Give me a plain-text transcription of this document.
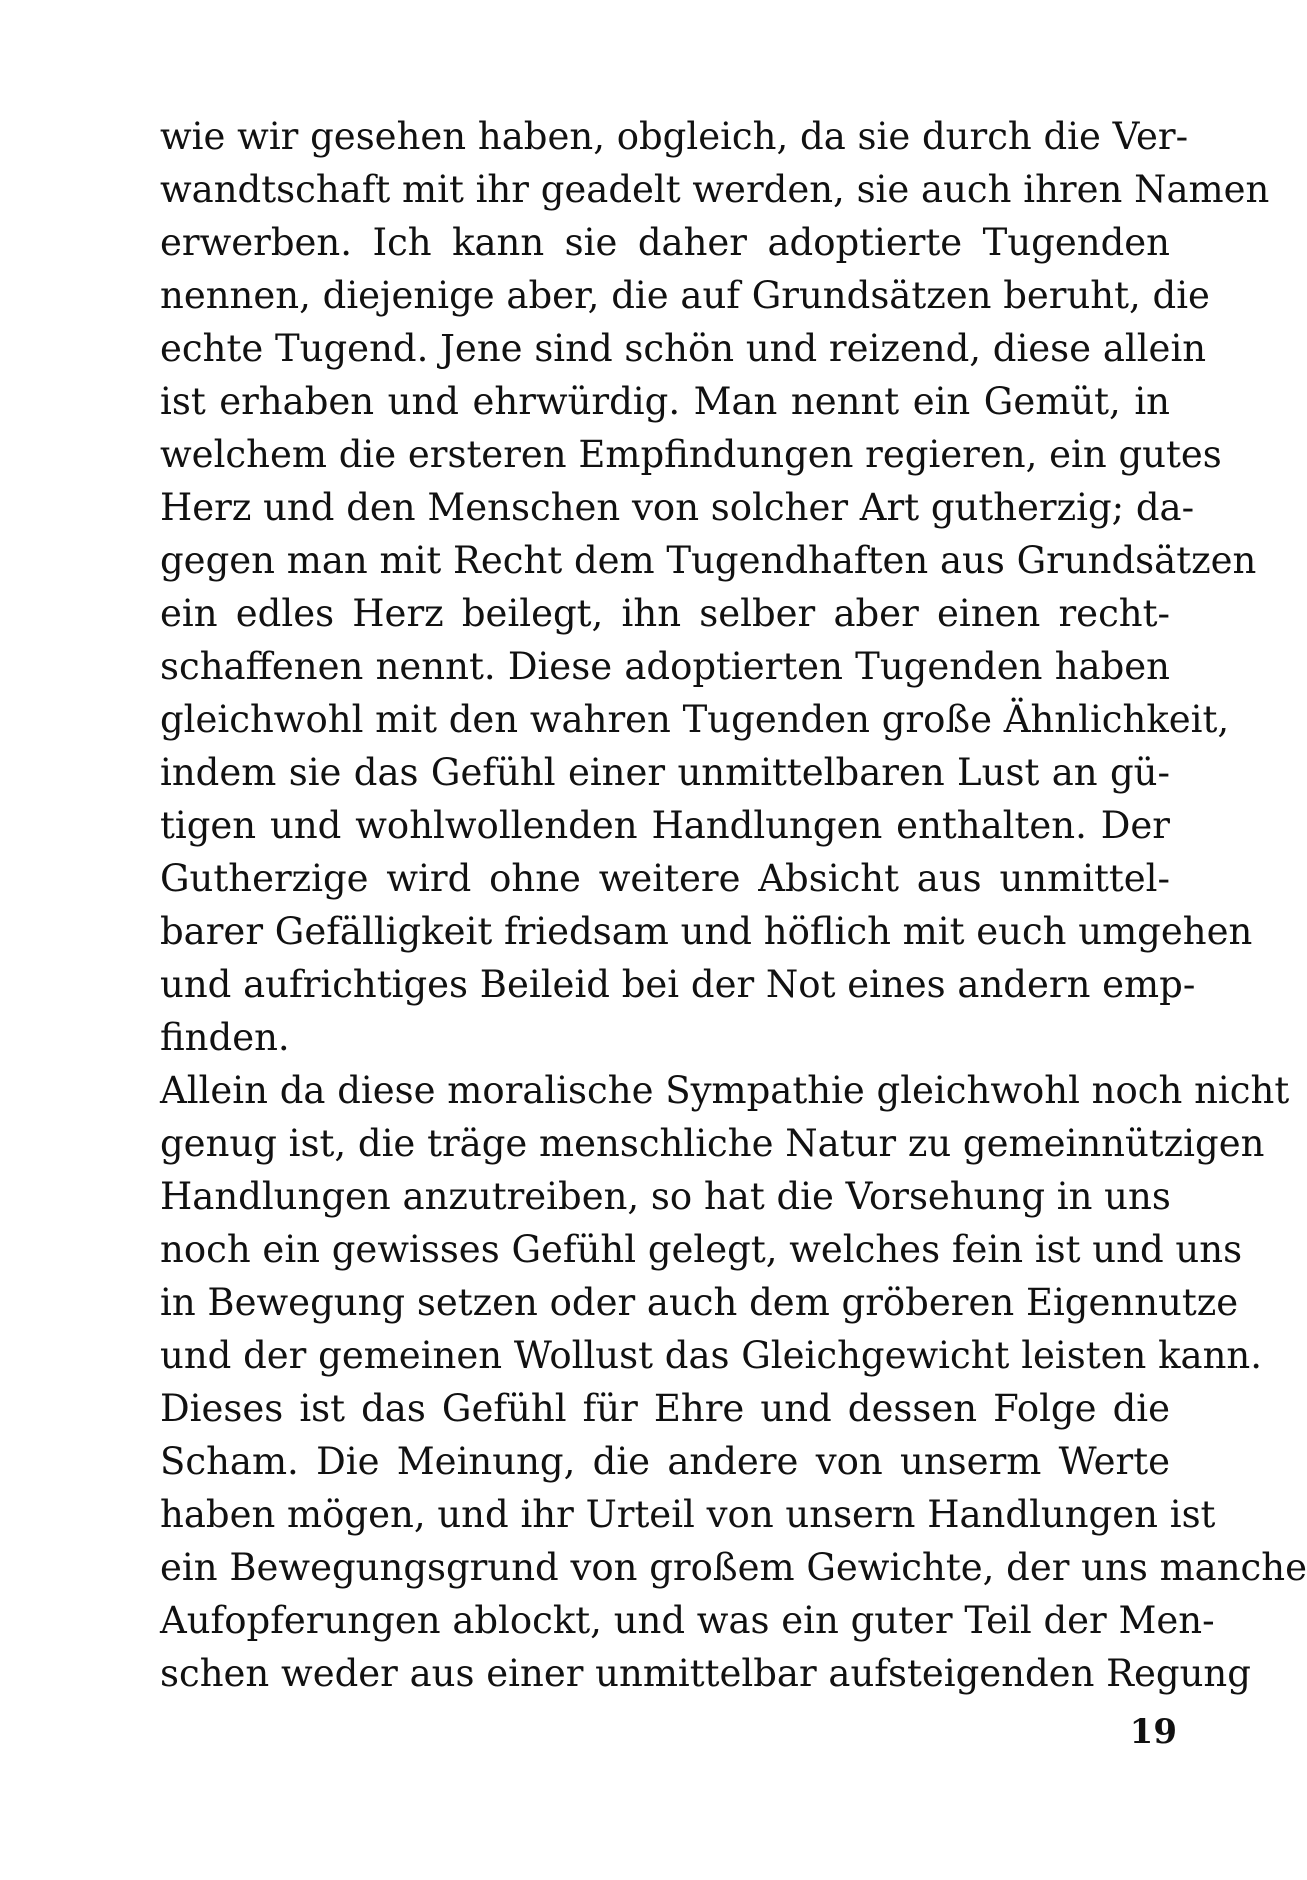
wie wir gesehen haben, obgleich, da sie durch die Ver-
wandtschaft mit ihr geadelt werden, sie auch ihren Namen
erwerben. Ich kann sie daher adoptierte Tugenden
nennen, diejenige aber, die auf Grundsätzen beruht, die
echte Tugend. Jene sind schön und reizend, diese allein
ist erhaben und ehrwürdig. Man nennt ein Gemüt, in
welchem die ersteren Empfindungen regieren, ein gutes
Herz und den Menschen von solcher Art gutherzig; da-
gegen man mit Recht dem Tugendhaften aus Grundsätzen
ein edles Herz beilegt, ihn selber aber einen recht-
schaffenen nennt. Diese adoptierten Tugenden haben
gleichwohl mit den wahren Tugenden große Ähnlichkeit,
indem sie das Gefühl einer unmittelbaren Lust an gü-
tigen und wohlwollenden Handlungen enthalten. Der
Gutherzige wird ohne weitere Absicht aus unmittel-
barer Gefälligkeit friedsam und höflich mit euch umgehen
und aufrichtiges Beileid bei der Not eines andern emp-
finden.
Allein da diese moralische Sympathie gleichwohl noch nicht
genug ist, die träge menschliche Natur zu gemeinnützigen
Handlungen anzutreiben, so hat die Vorsehung in uns
noch ein gewisses Gefühl gelegt, welches fein ist und uns
in Bewegung setzen oder auch dem gröberen Eigennutze
und der gemeinen Wollust das Gleichgewicht leisten kann.
Dieses ist das Gefühl für Ehre und dessen Folge die
Scham. Die Meinung, die andere von unserm Werte
haben mögen, und ihr Urteil von unsern Handlungen ist
ein Bewegungsgrund von großem Gewichte, der uns manche
Aufopferungen ablockt, und was ein guter Teil der Men-
schen weder aus einer unmittelbar aufsteigenden Regung
19
